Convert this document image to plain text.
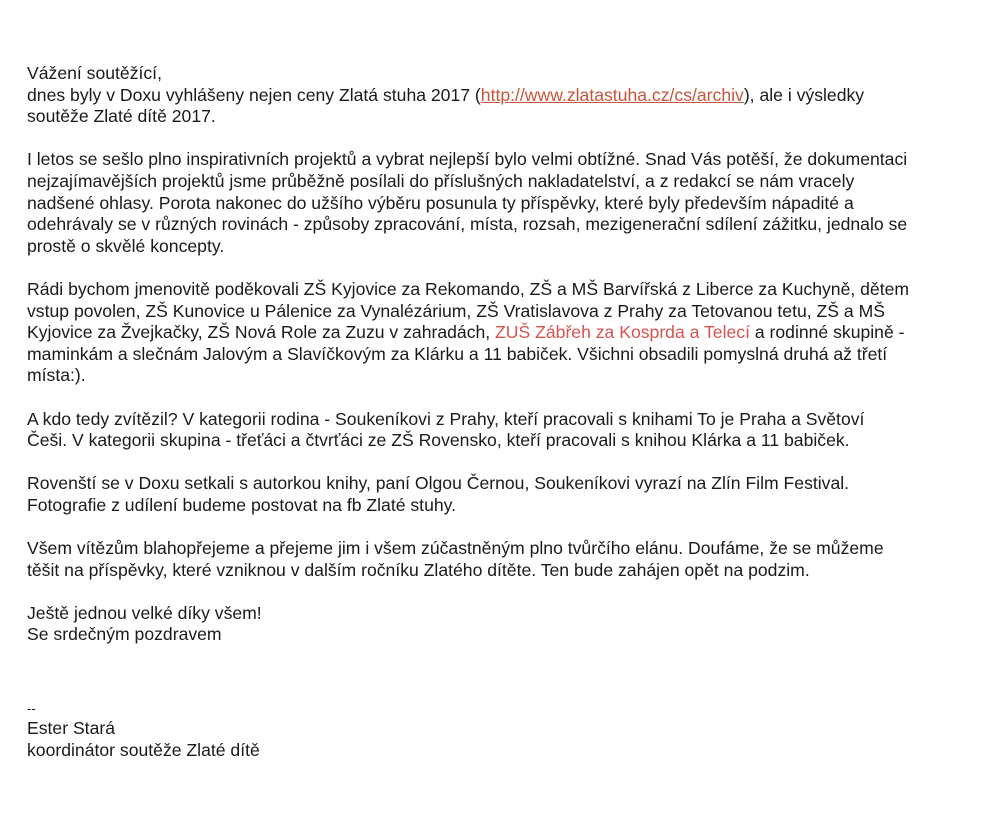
Vážení soutěžící,
dnes byly v Doxu vyhlášeny nejen ceny Zlatá stuha 2017 (http://www.zlatastuha.cz/cs/archiv), ale i výsledky
soutěže Zlaté dítě 2017.

I letos se sešlo plno inspirativních projektů a vybrat nejlepší bylo velmi obtížné. Snad Vás potěší, že dokumentaci
nejzajímavějších projektů jsme průběžně posílali do příslušných nakladatelství, a z redakcí se nám vracely
nadšené ohlasy. Porota nakonec do užšího výběru posunula ty příspěvky, které byly především nápadité a
odehrávaly se v různých rovinách - způsoby zpracování, místa, rozsah, mezigenerační sdílení zážitku, jednalo se
prostě o skvělé koncepty.

Rádi bychom jmenovitě poděkovali ZŠ Kyjovice za Rekomando, ZŠ a MŠ Barvířská z Liberce za Kuchyně, dětem
vstup povolen, ZŠ Kunovice u Pálenice za Vynalézárium, ZŠ Vratislavova z Prahy za Tetovanou tetu, ZŠ a MŠ
Kyjovice za Žvejkačky, ZŠ Nová Role za Zuzu v zahradách, ZUŠ Zábřeh za Kosprda a Telecí a rodinné skupině -
maminkám a slečnám Jalovým a Slavíčkovým za Klárku a 11 babiček. Všichni obsadili pomyslná druhá až třetí
místa:).

A kdo tedy zvítězil? V kategorii rodina - Soukeníkovi z Prahy, kteří pracovali s knihami To je Praha a Světoví
Češi. V kategorii skupina - třeťáci a čtvrťáci ze ZŠ Rovensko, kteří pracovali s knihou Klárka a 11 babiček.

Rovenští se v Doxu setkali s autorkou knihy, paní Olgou Černou, Soukeníkovi vyrazí na Zlín Film Festival.
Fotografie z udílení budeme postovat na fb Zlaté stuhy.

Všem vítězům blahopřejeme a přejeme jim i všem zúčastněným plno tvůrčího elánu. Doufáme, že se můžeme
těšit na příspěvky, které vzniknou v dalším ročníku Zlatého dítěte. Ten bude zahájen opět na podzim.

Ještě jednou velké díky všem!
Se srdečným pozdravem

--
Ester Stará
koordinátor soutěže Zlaté dítě
